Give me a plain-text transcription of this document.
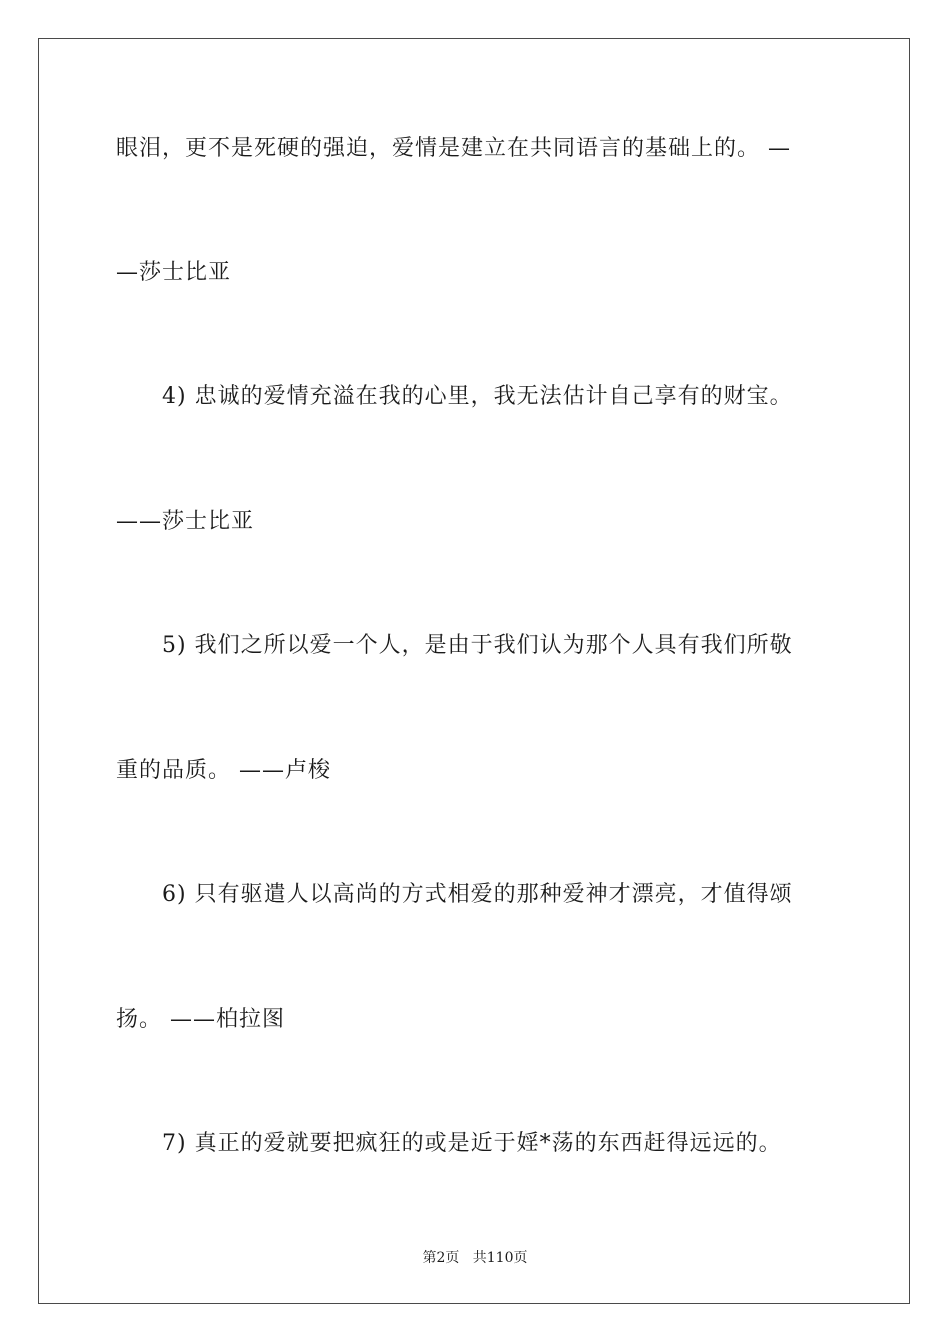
眼泪，更不是死硬的强迫，爱情是建立在共同语言的基础上的。 —
—莎士比亚
4) 忠诚的爱情充溢在我的心里，我无法估计自己享有的财宝。
——莎士比亚
5) 我们之所以爱一个人，是由于我们认为那个人具有我们所敬
重的品质。 ——卢梭
6) 只有驱遣人以高尚的方式相爱的那种爱神才漂亮，才值得颂
扬。 ——柏拉图
7) 真正的爱就要把疯狂的或是近于婬*荡的东西赶得远远的。
第2页   共110页
